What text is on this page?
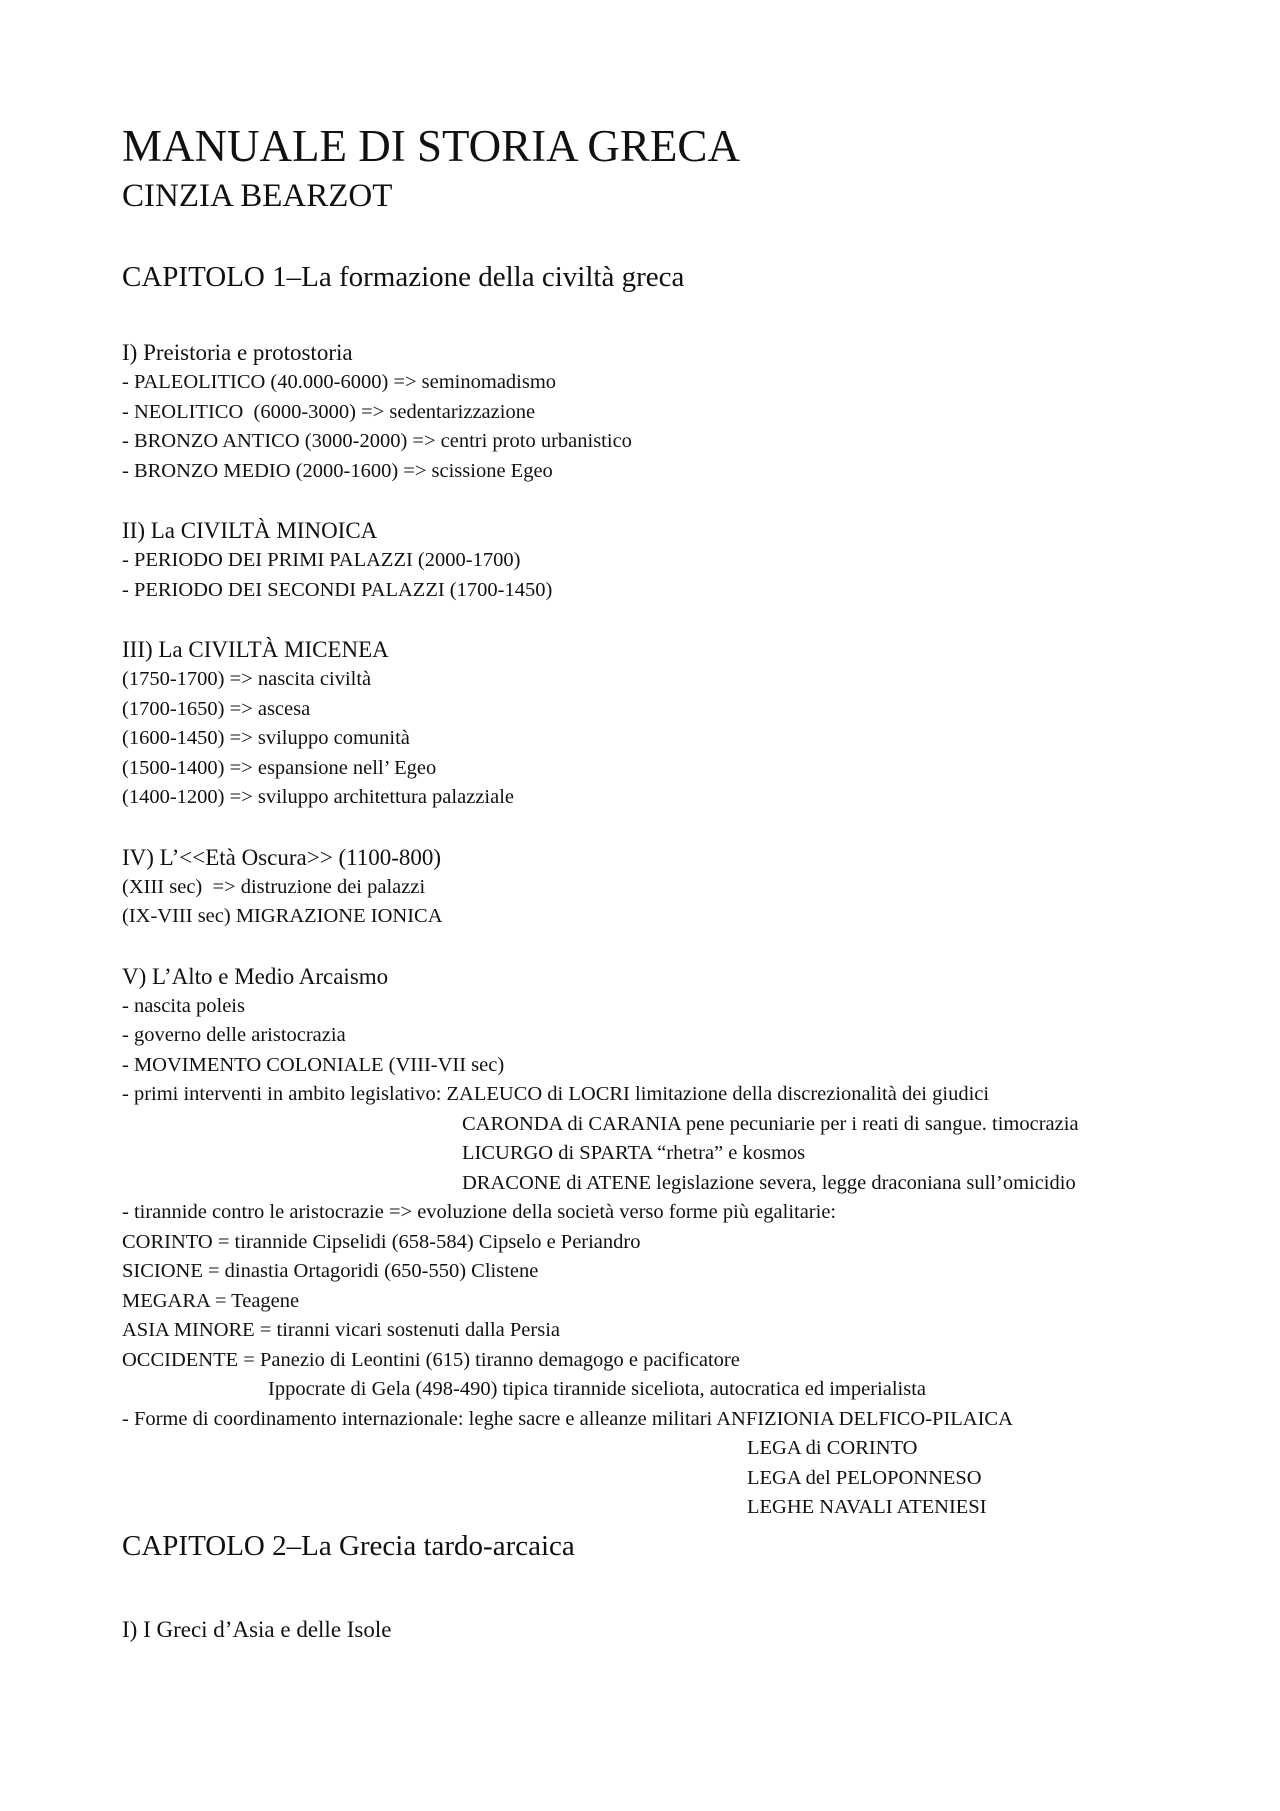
MANUALE DI STORIA GRECA
CINZIA BEARZOT
CAPITOLO 1–La formazione della civiltà greca
I) Preistoria e protostoria

- PALEOLITICO (40.000-6000) => seminomadismo

- NEOLITICO  (6000-3000) => sedentarizzazione

- BRONZO ANTICO (3000-2000) => centri proto urbanistico

- BRONZO MEDIO (2000-1600) => scissione Egeo

II) La CIVILTÀ MINOICA

- PERIODO DEI PRIMI PALAZZI (2000-1700)

- PERIODO DEI SECONDI PALAZZI (1700-1450)

III) La CIVILTÀ MICENEA

(1750-1700) => nascita civiltà

(1700-1650) => ascesa

(1600-1450) => sviluppo comunità

(1500-1400) => espansione nell’ Egeo

(1400-1200) => sviluppo architettura palazziale

IV) L’<<Età Oscura>> (1100-800)

(XIII sec)  => distruzione dei palazzi

(IX-VIII sec) MIGRAZIONE IONICA

V) L’Alto e Medio Arcaismo

- nascita poleis

- governo delle aristocrazia

- MOVIMENTO COLONIALE (VIII-VII sec)

- primi interventi in ambito legislativo: ZALEUCO di LOCRI limitazione della discrezionalità dei giudici

CARONDA di CARANIA pene pecuniarie per i reati di sangue. timocrazia

LICURGO di SPARTA “rhetra” e kosmos

DRACONE di ATENE legislazione severa, legge draconiana sull’omicidio

- tirannide contro le aristocrazie => evoluzione della società verso forme più egalitarie:

CORINTO = tirannide Cipselidi (658-584) Cipselo e Periandro

SICIONE = dinastia Ortagoridi (650-550) Clistene

MEGARA = Teagene

ASIA MINORE = tiranni vicari sostenuti dalla Persia

OCCIDENTE = Panezio di Leontini (615) tiranno demagogo e pacificatore

Ippocrate di Gela (498-490) tipica tirannide siceliota, autocratica ed imperialista

- Forme di coordinamento internazionale: leghe sacre e alleanze militari ANFIZIONIA DELFICO-PILAICA

LEGA di CORINTO

LEGA del PELOPONNESO

LEGHE NAVALI ATENIESI

CAPITOLO 2–La Grecia tardo-arcaica
I) I Greci d’Asia e delle Isole
